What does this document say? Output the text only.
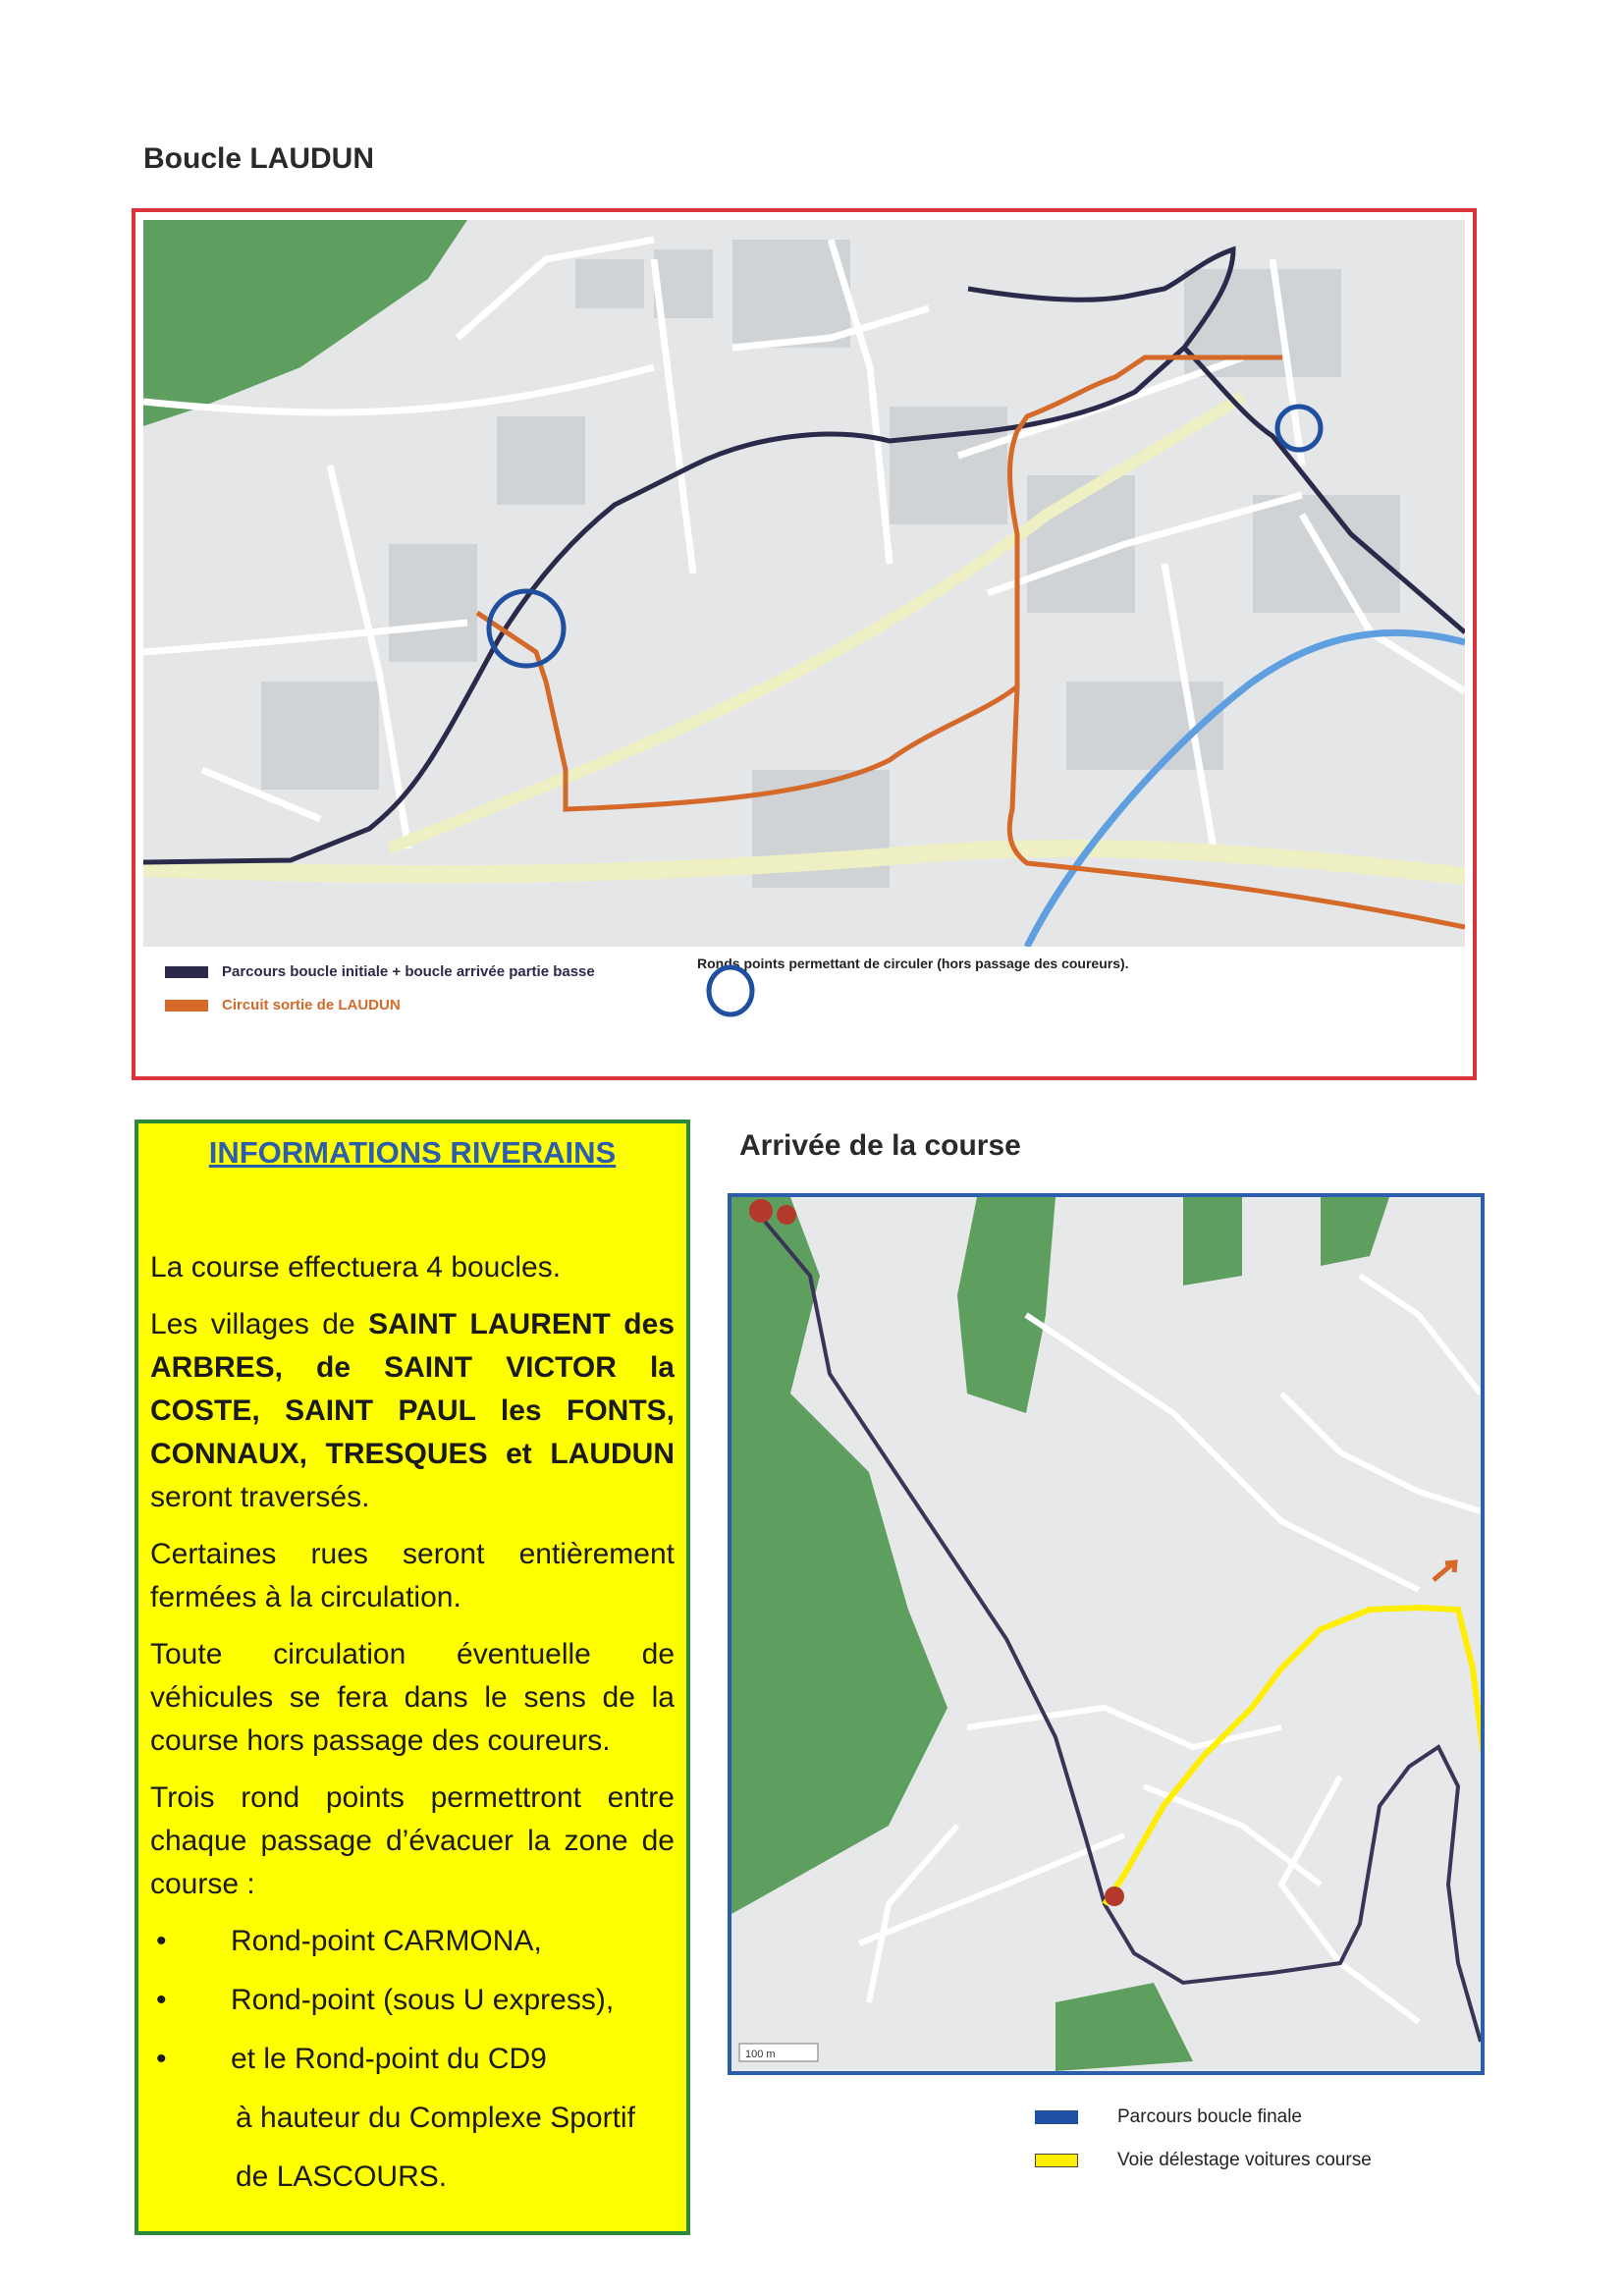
Boucle LAUDUN
Parcours boucle initiale + boucle arrivée partie basse
Circuit sortie de LAUDUN
Ronds points permettant de circuler (hors passage des coureurs).
INFORMATIONS RIVERAINS

La course effectuera 4 boucles.

Les villages de SAINT LAURENT des ARBRES, de SAINT VICTOR la COSTE, SAINT PAUL les FONTS, CONNAUX, TRESQUES et LAUDUN seront traversés.

Certaines rues seront entièrement fermées à la circulation.

Toute circulation éventuelle de véhicules se fera dans le sens de la course hors passage des coureurs.

Trois rond points permettront entre chaque passage d’évacuer la zone de course :

• Rond-point CARMONA,
• Rond-point (sous U express),
• et le Rond-point du CD9
à hauteur du Complexe Sportif
de LASCOURS.
Arrivée de la course
100 m
Parcours boucle finale
Voie délestage voitures course
